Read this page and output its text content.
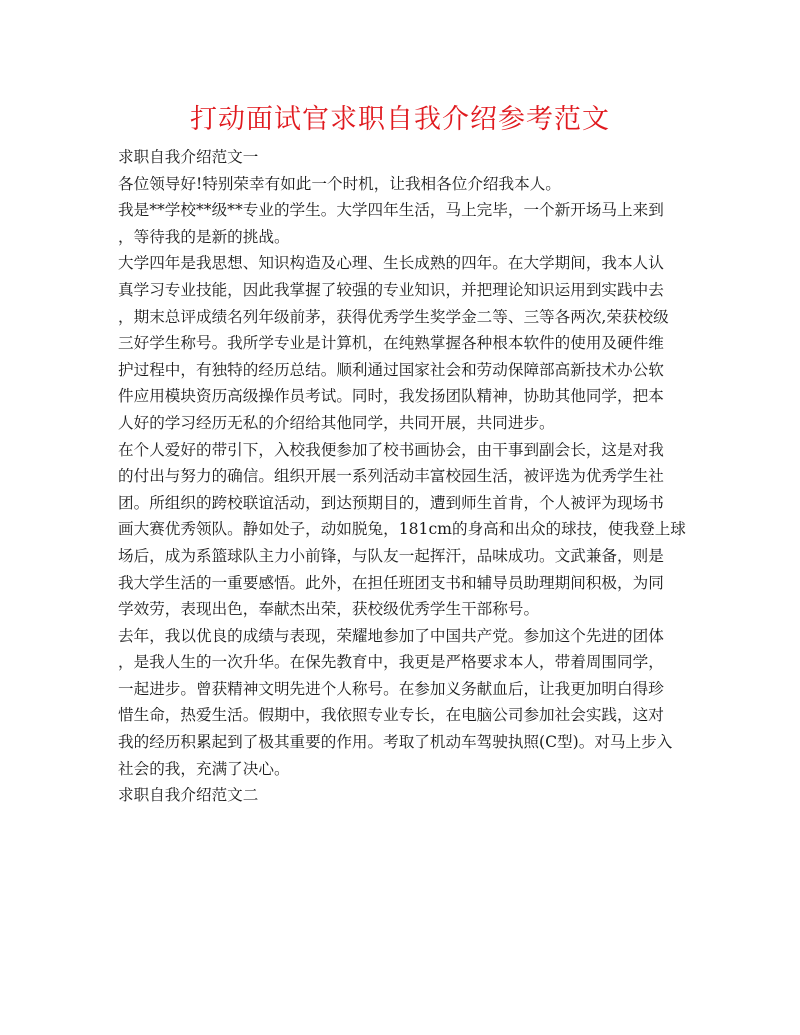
打动面试官求职自我介绍参考范文
求职自我介绍范文一
各位领导好!特别荣幸有如此一个时机，让我相各位介绍我本人。
我是**学校**级**专业的学生。大学四年生活，马上完毕，一个新开场马上来到
，等待我的是新的挑战。
大学四年是我思想、知识构造及心理、生长成熟的四年。在大学期间，我本人认
真学习专业技能，因此我掌握了较强的专业知识，并把理论知识运用到实践中去
，期末总评成绩名列年级前茅，获得优秀学生奖学金二等、三等各两次,荣获校级
三好学生称号。我所学专业是计算机，在纯熟掌握各种根本软件的使用及硬件维
护过程中，有独特的经历总结。顺利通过国家社会和劳动保障部高新技术办公软
件应用模块资历高级操作员考试。同时，我发扬团队精神，协助其他同学，把本
人好的学习经历无私的介绍给其他同学，共同开展，共同进步。
在个人爱好的带引下，入校我便参加了校书画协会，由干事到副会长，这是对我
的付出与努力的确信。组织开展一系列活动丰富校园生活，被评选为优秀学生社
团。所组织的跨校联谊活动，到达预期目的，遭到师生首肯，个人被评为现场书
画大赛优秀领队。静如处子，动如脱兔，181cm的身高和出众的球技，使我登上球
场后，成为系篮球队主力小前锋，与队友一起挥汗，品味成功。文武兼备，则是
我大学生活的一重要感悟。此外，在担任班团支书和辅导员助理期间积极，为同
学效劳，表现出色，奉献杰出荣，获校级优秀学生干部称号。
去年，我以优良的成绩与表现，荣耀地参加了中国共产党。参加这个先进的团体
，是我人生的一次升华。在保先教育中，我更是严格要求本人，带着周围同学，
一起进步。曾获精神文明先进个人称号。在参加义务献血后，让我更加明白得珍
惜生命，热爱生活。假期中，我依照专业专长，在电脑公司参加社会实践，这对
我的经历积累起到了极其重要的作用。考取了机动车驾驶执照(C型)。对马上步入
社会的我，充满了决心。
求职自我介绍范文二
